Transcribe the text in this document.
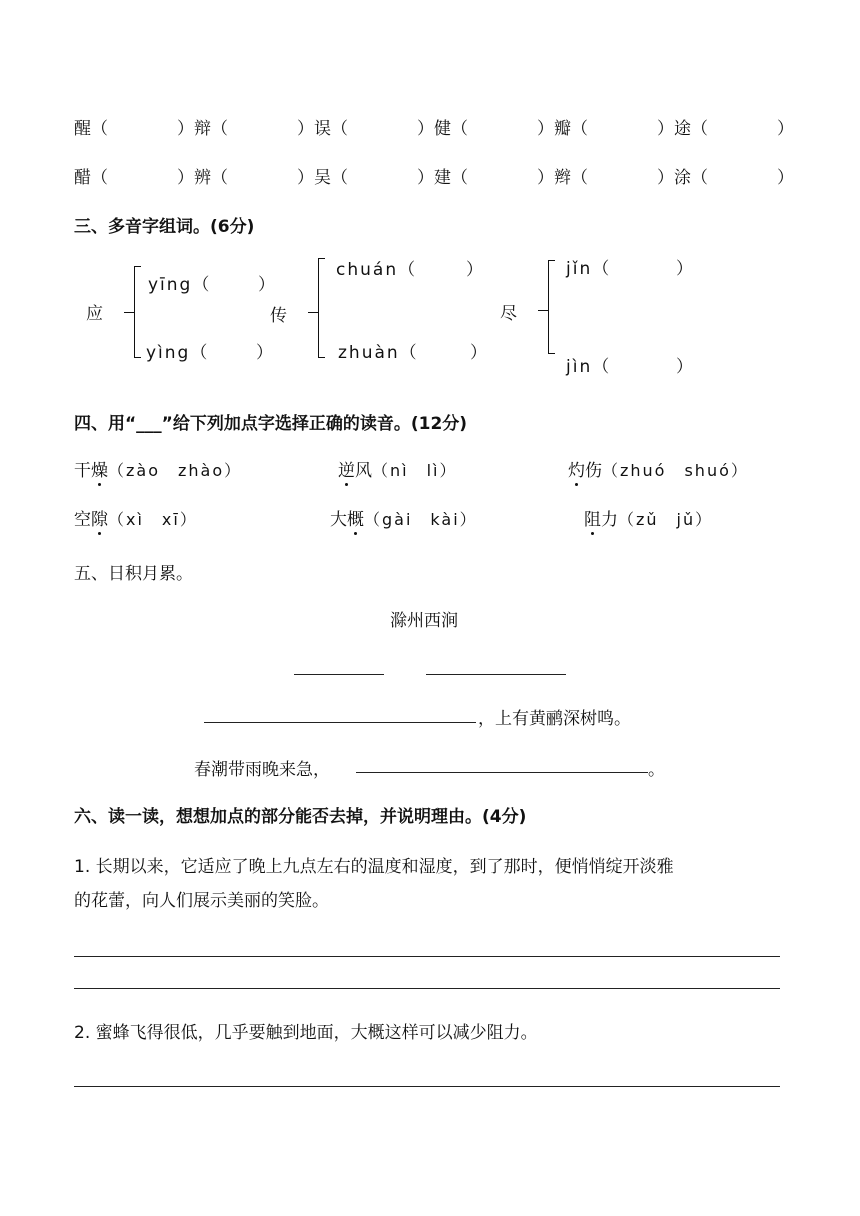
醒（	）辩（	）误（	）健（	）瓣（	）途（	）
醋（	）辨（	）吴（	）建（	）辫（	）涂（	）
三、多音字组词。(6分)
应
yīng（	）
yìng（	）
传
chuán（	）
zhuàn（	）
尽
jǐn（	）
jìn（	）
四、用“___”给下列加点字选择正确的读音。(12分)
干燥（zào　zhào）	逆风（nì　lì）	灼伤（zhuó　shuó）
空隙（xì　xī）	大概（gài　kài）	阻力（zǔ　jǔ）
五、日积月累。
滁州西涧
，上有黄鹂深树鸣。
春潮带雨晚来急，	。
六、读一读，想想加点的部分能否去掉，并说明理由。(4分)
1. 长期以来，它适应了晚上九点左右的温度和湿度，到了那时，便悄悄绽开淡雅
的花蕾，向人们展示美丽的笑脸。
2. 蜜蜂飞得很低，几乎要触到地面，大概这样可以减少阻力。
